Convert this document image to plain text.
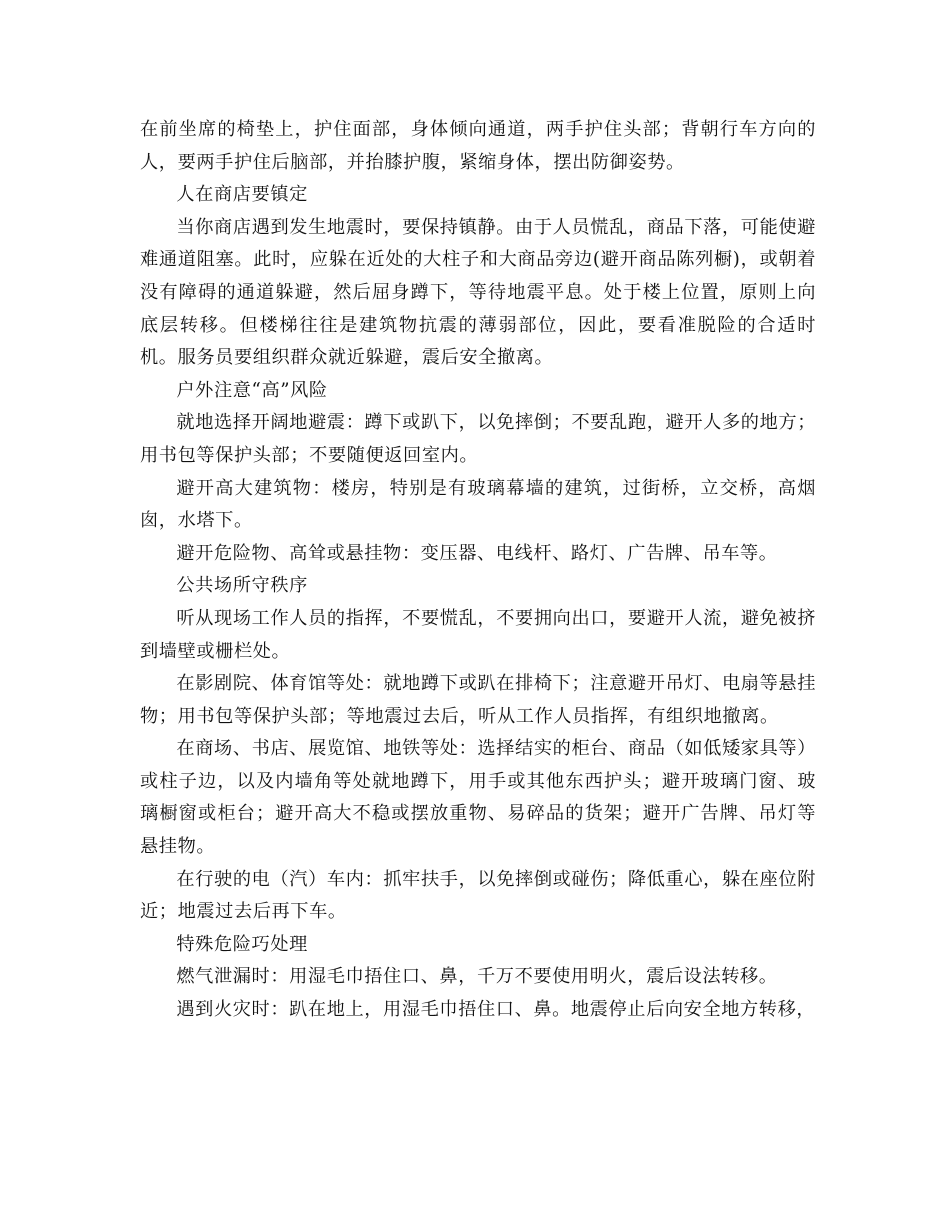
在前坐席的椅垫上，护住面部，身体倾向通道，两手护住头部；背朝行车方向的人，要两手护住后脑部，并抬膝护腹，紧缩身体，摆出防御姿势。

人在商店要镇定

当你商店遇到发生地震时，要保持镇静。由于人员慌乱，商品下落，可能使避难通道阻塞。此时，应躲在近处的大柱子和大商品旁边(避开商品陈列橱)，或朝着没有障碍的通道躲避，然后屈身蹲下，等待地震平息。处于楼上位置，原则上向底层转移。但楼梯往往是建筑物抗震的薄弱部位，因此，要看准脱险的合适时机。服务员要组织群众就近躲避，震后安全撤离。

户外注意“高”风险

就地选择开阔地避震：蹲下或趴下，以免摔倒；不要乱跑，避开人多的地方；用书包等保护头部；不要随便返回室内。

避开高大建筑物：楼房，特别是有玻璃幕墙的建筑，过街桥，立交桥，高烟囱，水塔下。

避开危险物、高耸或悬挂物：变压器、电线杆、路灯、广告牌、吊车等。

公共场所守秩序

听从现场工作人员的指挥，不要慌乱，不要拥向出口，要避开人流，避免被挤到墙壁或栅栏处。

在影剧院、体育馆等处：就地蹲下或趴在排椅下；注意避开吊灯、电扇等悬挂物；用书包等保护头部；等地震过去后，听从工作人员指挥，有组织地撤离。

在商场、书店、展览馆、地铁等处：选择结实的柜台、商品（如低矮家具等）或柱子边，以及内墙角等处就地蹲下，用手或其他东西护头；避开玻璃门窗、玻璃橱窗或柜台；避开高大不稳或摆放重物、易碎品的货架；避开广告牌、吊灯等悬挂物。

在行驶的电（汽）车内：抓牢扶手，以免摔倒或碰伤；降低重心，躲在座位附近；地震过去后再下车。

特殊危险巧处理

燃气泄漏时：用湿毛巾捂住口、鼻，千万不要使用明火，震后设法转移。

遇到火灾时：趴在地上，用湿毛巾捂住口、鼻。地震停止后向安全地方转移，
